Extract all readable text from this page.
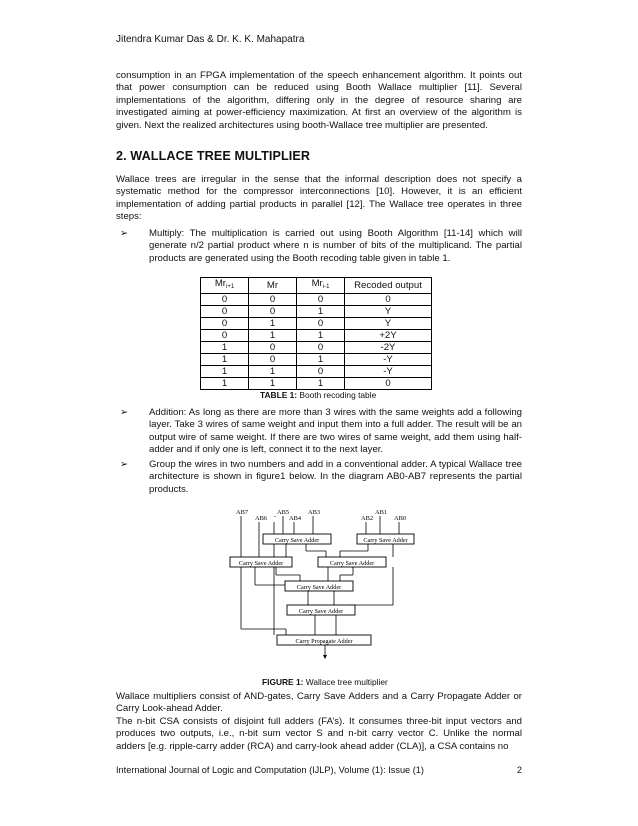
Jitendra Kumar Das & Dr. K. K. Mahapatra

consumption in an FPGA implementation of the speech enhancement algorithm. It points out that power consumption can be reduced using Booth Wallace multiplier [11]. Several implementations of the algorithm, differing only in the degree of resource sharing are investigated aiming at power-efficiency maximization. At first an overview of the algorithm is given. Next the realized architectures using booth-Wallace tree multiplier are presented.

2. WALLACE TREE MULTIPLIER

Wallace trees are irregular in the sense that the informal description does not specify a systematic method for the compressor interconnections [10]. However, it is an efficient implementation of adding partial products in parallel [12]. The Wallace tree operates in three steps:

➢ Multiply: The multiplication is carried out using Booth Algorithm [11-14] which will generate n/2 partial product where n is number of bits of the multiplicand. The partial products are generated using the Booth recoding table given in table 1.
$Mr_{i+1}$	Mr	$Mr_{i-1}$	Recoded output
0	0	0	0
0	0	1	Y
0	1	0	Y
0	1	1	+2Y
1	0	0	-2Y
1	0	1	-Y
1	1	0	-Y
1	1	1	0
TABLE 1: Booth recoding table
➢ Addition: As long as there are more than 3 wires with the same weights add a following layer. Take 3 wires of same weight and input them into a full adder. The result will be an output wire of same weight. If there are two wires of same weight, add them using half-adder and if only one is left, connect it to the next layer.
➢ Group the wires in two numbers and add in a conventional adder. A typical Wallace tree architecture is shown in figure1 below. In the diagram AB0-AB7 represents the partial products.
AB7
AB6
AB5
AB4
AB3
AB2
AB1
AB0
Carry Save Adder	Carry Save Adder
Carry Save Adder	Carry Save Adder
Carry Save Adder
Carry Save Adder
Carry Propagate Adder
FIGURE 1: Wallace tree multiplier

Wallace multipliers consist of AND-gates, Carry Save Adders and a Carry Propagate Adder or Carry Look-ahead Adder.

The n-bit CSA consists of disjoint full adders (FA’s). It consumes three-bit input vectors and produces two outputs, i.e., n-bit sum vector S and n-bit carry vector C. Unlike the normal adders [e.g. ripple-carry adder (RCA) and carry-look ahead adder (CLA)], a CSA contains no

International Journal of Logic and Computation (IJLP), Volume (1): Issue (1)	2
